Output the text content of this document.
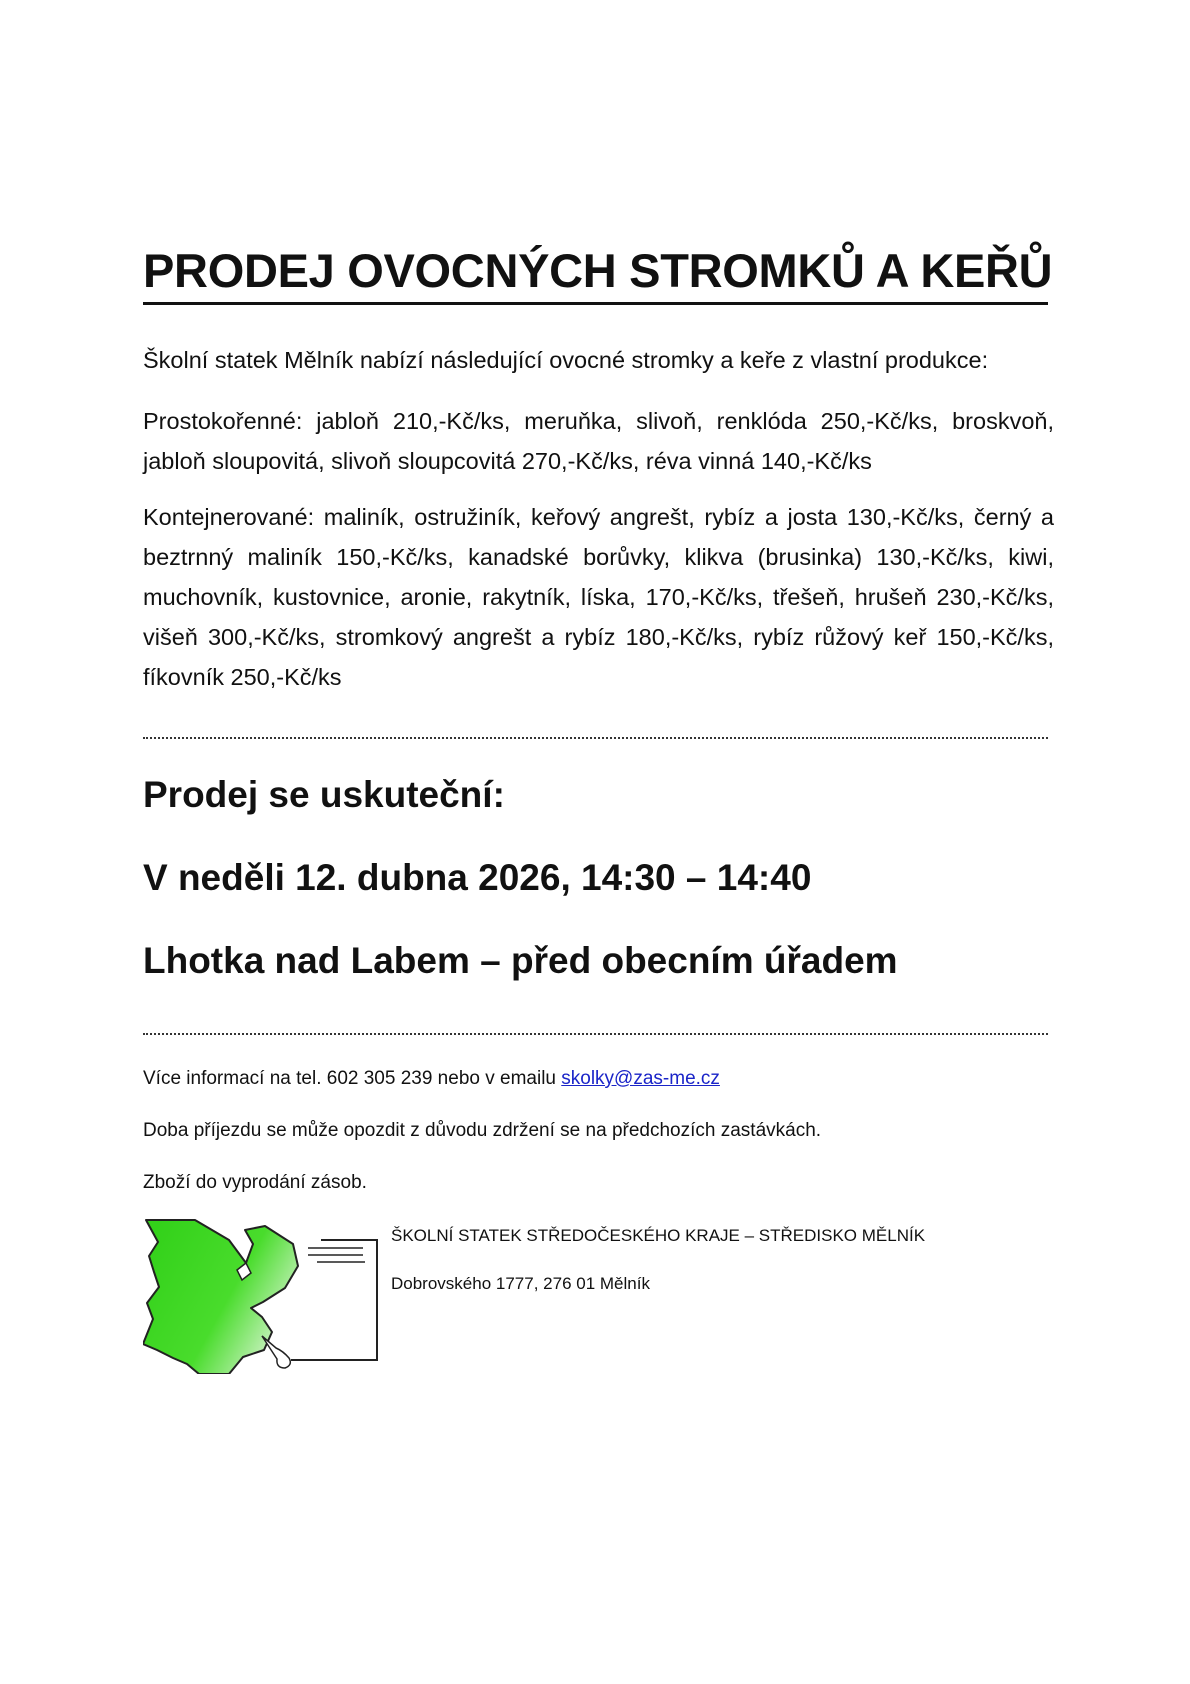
PRODEJ OVOCNÝCH STROMKŮ A KEŘŮ

Školní statek Mělník nabízí následující ovocné stromky a keře z vlastní produkce:

Prostokořenné: jabloň 210,-Kč/ks, meruňka, slivoň, renklóda 250,-Kč/ks, broskvoň, jabloň sloupovitá, slivoň sloupcovitá 270,-Kč/ks, réva vinná 140,-Kč/ks

Kontejnerované: maliník, ostružiník, keřový angrešt, rybíz a josta 130,-Kč/ks, černý a beztrnný maliník 150,-Kč/ks, kanadské borůvky, klikva (brusinka) 130,-Kč/ks, kiwi, muchovník, kustovnice, aronie, rakytník, líska, 170,-Kč/ks, třešeň, hrušeň 230,-Kč/ks, višeň 300,-Kč/ks, stromkový angrešt a rybíz 180,-Kč/ks, rybíz růžový keř 150,-Kč/ks, fíkovník 250,-Kč/ks

Prodej se uskuteční:
V neděli 12. dubna 2026, 14:30 – 14:40
Lhotka nad Labem – před obecním úřadem

Více informací na tel. 602 305 239 nebo v emailu skolky@zas-me.cz

Doba příjezdu se může opozdit z důvodu zdržení se na předchozích zastávkách.

Zboží do vyprodání zásob.

ŠKOLNÍ STATEK STŘEDOČESKÉHO KRAJE – STŘEDISKO MĚLNÍK

Dobrovského 1777, 276 01 Mělník
